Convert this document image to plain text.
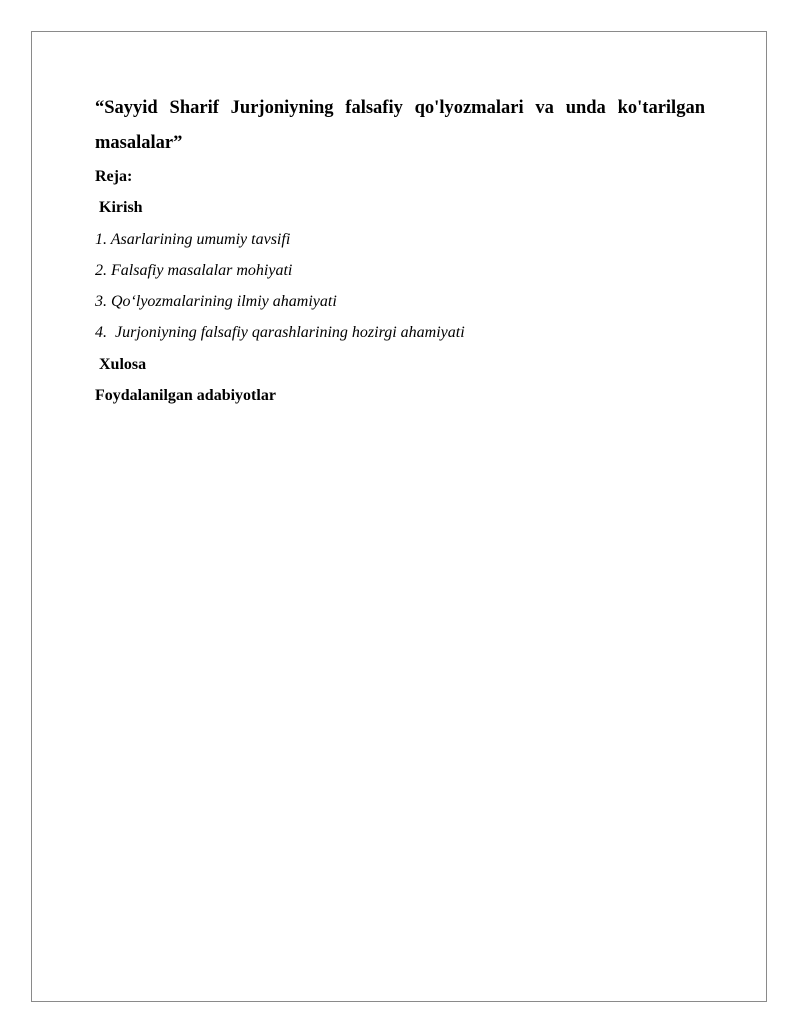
“Sayyid Sharif Jurjoniyning falsafiy qo'lyozmalari va unda ko'tarilgan masalalar”

Reja:

Kirish

1. Asarlarining umumiy tavsifi

2. Falsafiy masalalar mohiyati

3. Qo‘lyozmalarining ilmiy ahamiyati

4.  Jurjoniyning falsafiy qarashlarining hozirgi ahamiyati

Xulosa

Foydalanilgan adabiyotlar
